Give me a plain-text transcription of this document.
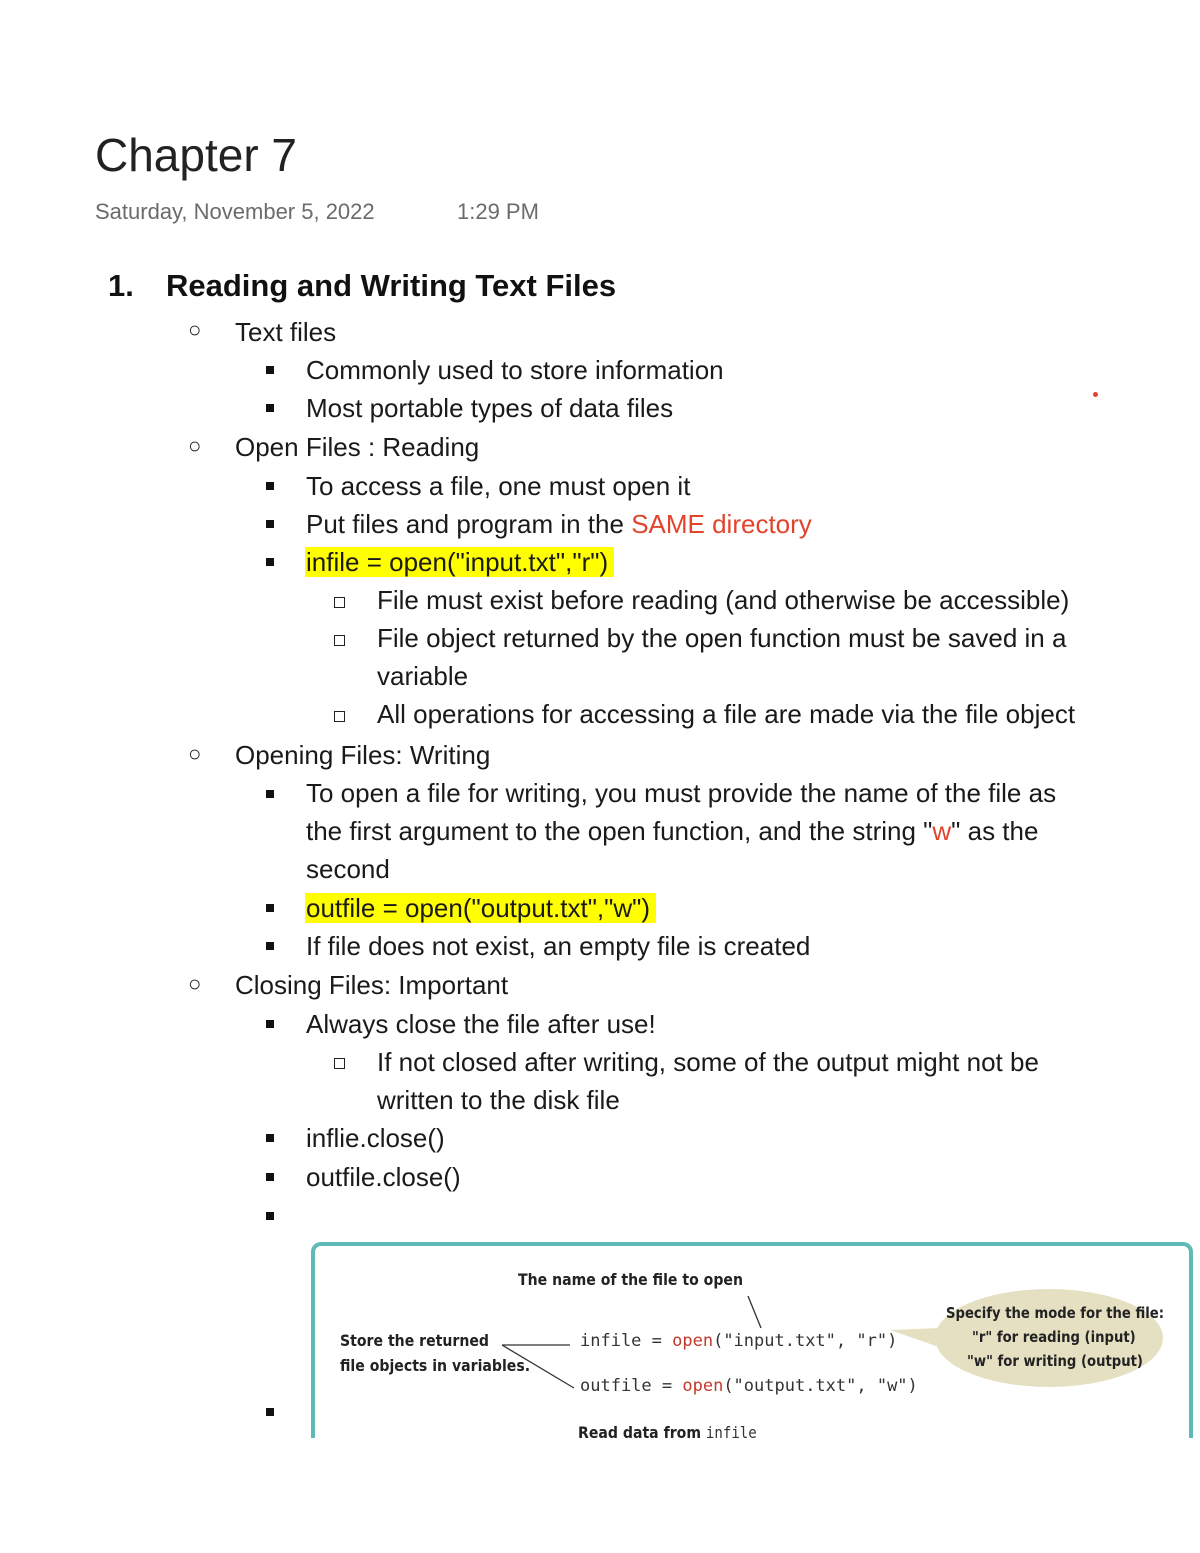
Chapter 7
Saturday, November 5, 2022	1:29 PM
1. Reading and Writing Text Files
○
○
○
○
Text files
Commonly used to store information
Most portable types of data files
Open Files : Reading
To access a file, one must open it
Put files and program in the SAME directory
infile = open("input.txt","r")
File must exist before reading (and otherwise be accessible)
File object returned by the open function must be saved in a
variable
All operations for accessing a file are made via the file object
Opening Files: Writing
To open a file for writing, you must provide the name of the file as
the first argument to the open function, and the string "w" as the
second
outfile = open("output.txt","w")
If file does not exist, an empty file is created
Closing Files: Important
Always close the file after use!
If not closed after writing, some of the output might not be
written to the disk file
inflie.close()
outfile.close()
The name of the file to open
Store the returned
file objects in variables.
infile = open("input.txt", "r")
outfile = open("output.txt", "w")
Specify the mode for the file:
"r" for reading (input)
"w" for writing (output)
Read data from infile
